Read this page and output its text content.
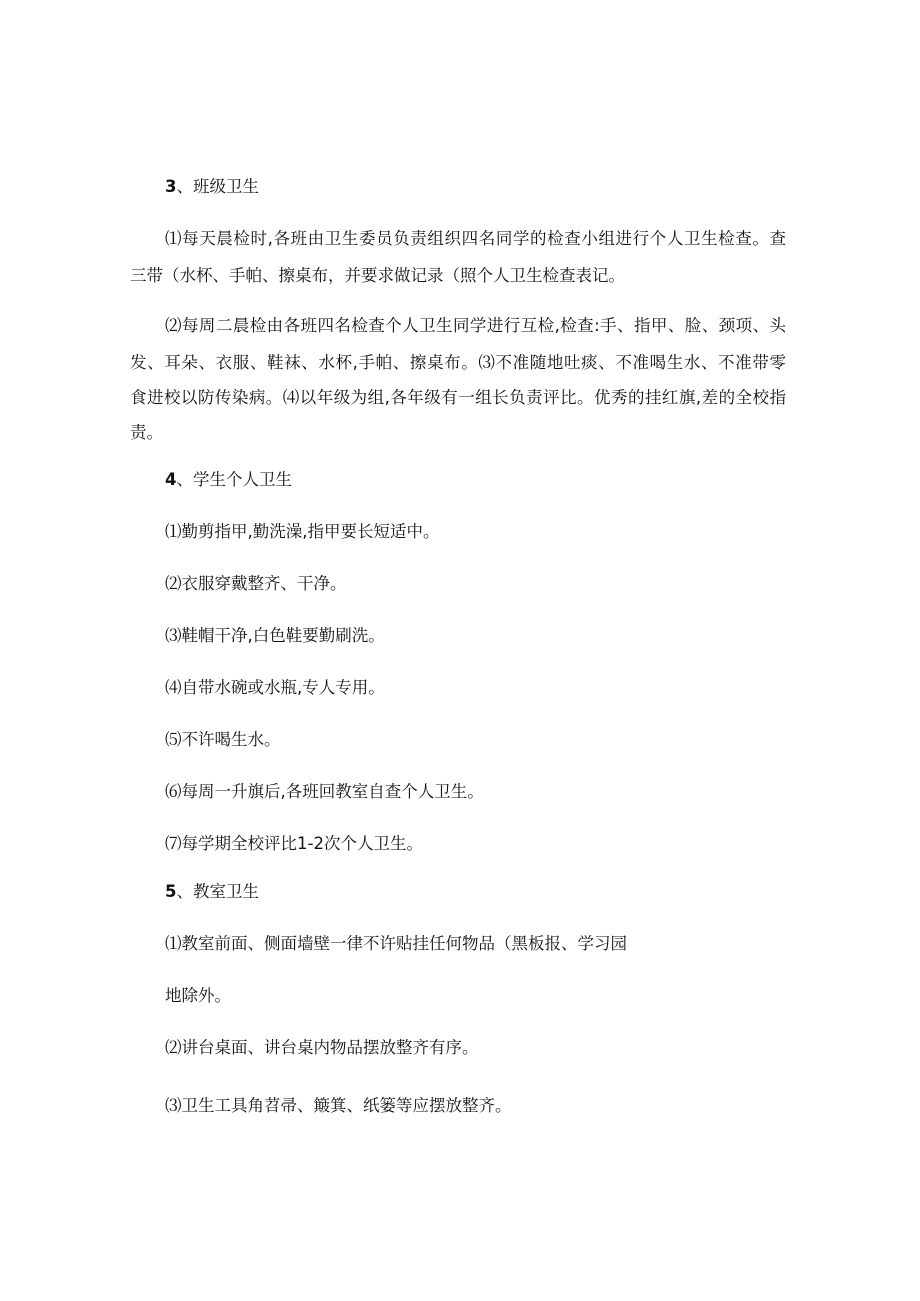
3、班级卫生
⑴每天晨检时,各班由卫生委员负责组织四名同学的检查小组进行个人卫生检查。查
三带（水杯、手帕、擦桌布，并要求做记录（照个人卫生检查表记。
⑵每周二晨检由各班四名检查个人卫生同学进行互检,检查:手、指甲、脸、颈项、头
发、耳朵、衣服、鞋袜、水杯,手帕、擦桌布。⑶不准随地吐痰、不准喝生水、不准带零
食进校以防传染病。⑷以年级为组,各年级有一组长负责评比。优秀的挂红旗,差的全校指
责。
4、学生个人卫生
⑴勤剪指甲,勤洗澡,指甲要长短适中。
⑵衣服穿戴整齐、干净。
⑶鞋帽干净,白色鞋要勤刷洗。
⑷自带水碗或水瓶,专人专用。
⑸不许喝生水。
⑹每周一升旗后,各班回教室自查个人卫生。
⑺每学期全校评比1-2次个人卫生。
5、教室卫生
⑴教室前面、侧面墙壁一律不许贴挂任何物品（黑板报、学习园
地除外。
⑵讲台桌面、讲台桌内物品摆放整齐有序。
⑶卫生工具角苕帚、簸箕、纸篓等应摆放整齐。
